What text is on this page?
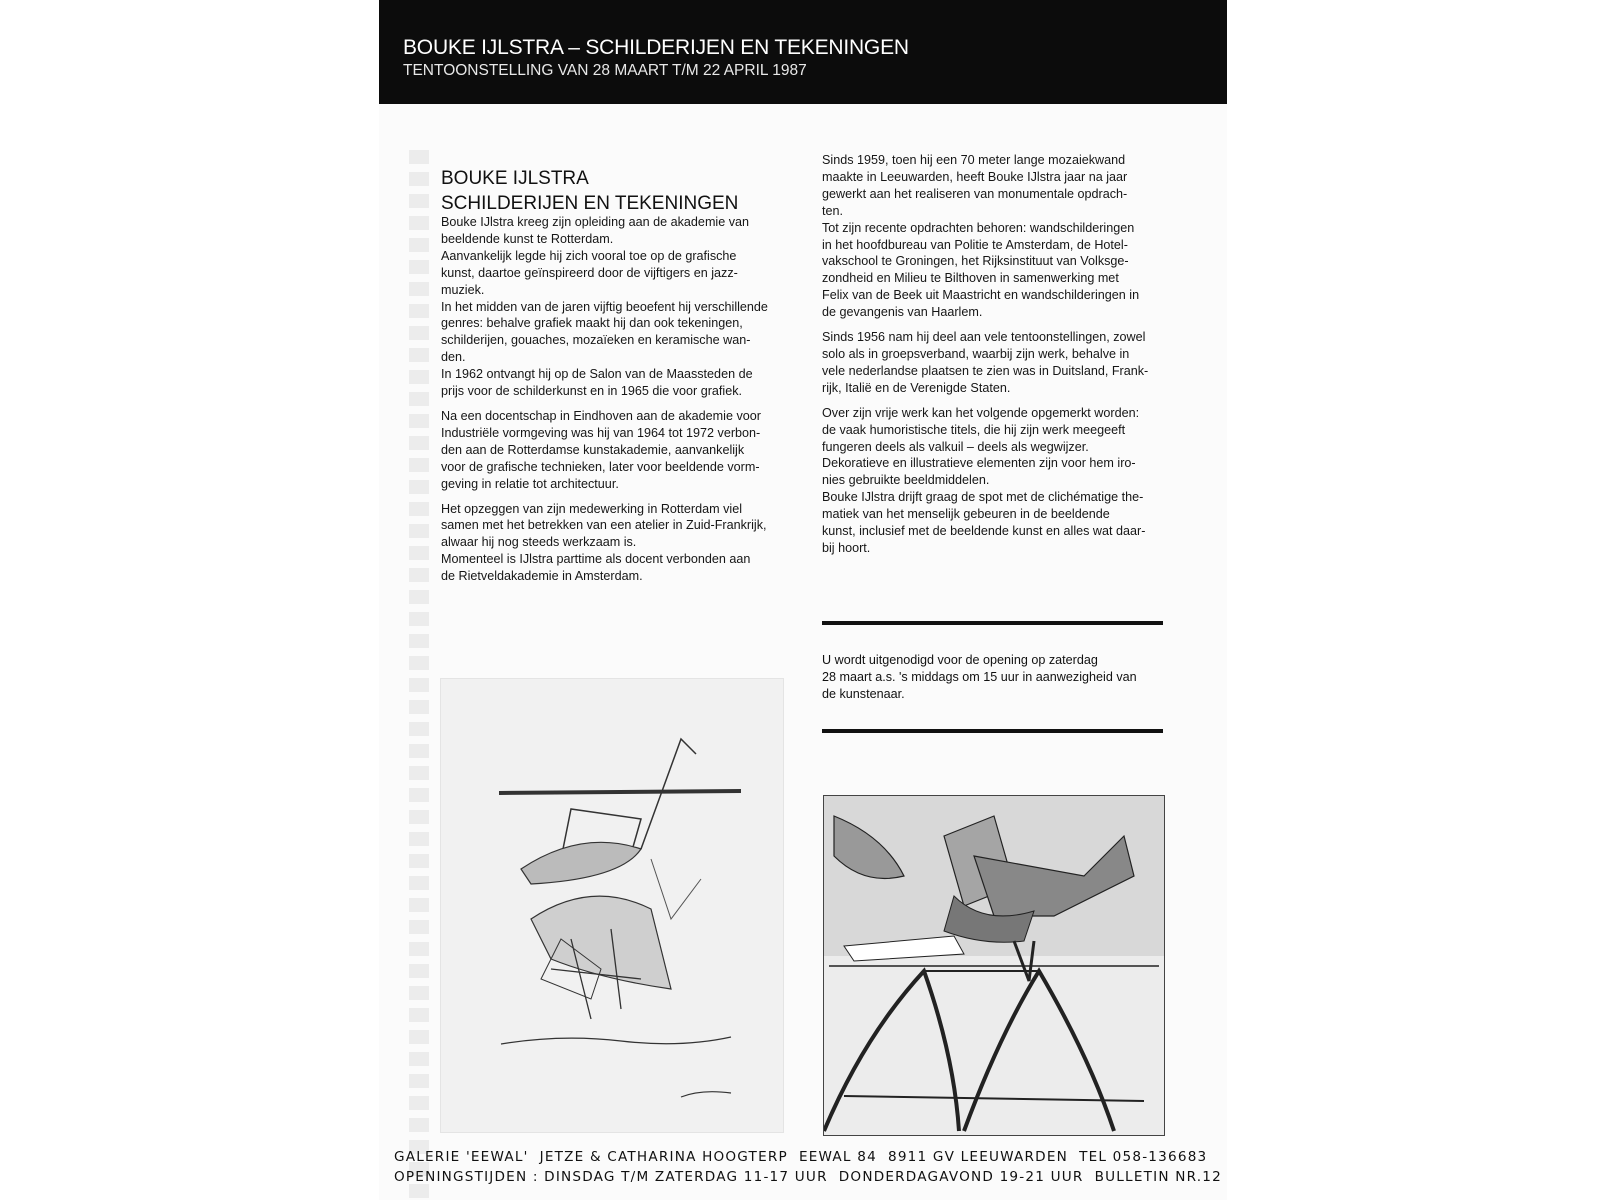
BOUKE IJLSTRA – SCHILDERIJEN EN TEKENINGEN
TENTOONSTELLING VAN 28 MAART T/M 22 APRIL 1987
BOUKE IJLSTRA
SCHILDERIJEN EN TEKENINGEN

Bouke IJlstra kreeg zijn opleiding aan de akademie van
beeldende kunst te Rotterdam.
Aanvankelijk legde hij zich vooral toe op de grafische
kunst, daartoe geïnspireerd door de vijftigers en jazz-
muziek.
In het midden van de jaren vijftig beoefent hij verschillende
genres: behalve grafiek maakt hij dan ook tekeningen,
schilderijen, gouaches, mozaïeken en keramische wan-
den.
In 1962 ontvangt hij op de Salon van de Maassteden de
prijs voor de schilderkunst en in 1965 die voor grafiek.

Na een docentschap in Eindhoven aan de akademie voor
Industriële vormgeving was hij van 1964 tot 1972 verbon-
den aan de Rotterdamse kunstakademie, aanvankelijk
voor de grafische technieken, later voor beeldende vorm-
geving in relatie tot architectuur.

Het opzeggen van zijn medewerking in Rotterdam viel
samen met het betrekken van een atelier in Zuid-Frankrijk,
alwaar hij nog steeds werkzaam is.
Momenteel is IJlstra parttime als docent verbonden aan
de Rietveldakademie in Amsterdam.

Sinds 1959, toen hij een 70 meter lange mozaiekwand
maakte in Leeuwarden, heeft Bouke IJlstra jaar na jaar
gewerkt aan het realiseren van monumentale opdrach-
ten.
Tot zijn recente opdrachten behoren: wandschilderingen
in het hoofdbureau van Politie te Amsterdam, de Hotel-
vakschool te Groningen, het Rijksinstituut van Volksge-
zondheid en Milieu te Bilthoven in samenwerking met
Felix van de Beek uit Maastricht en wandschilderingen in
de gevangenis van Haarlem.

Sinds 1956 nam hij deel aan vele tentoonstellingen, zowel
solo als in groepsverband, waarbij zijn werk, behalve in
vele nederlandse plaatsen te zien was in Duitsland, Frank-
rijk, Italië en de Verenigde Staten.

Over zijn vrije werk kan het volgende opgemerkt worden:
de vaak humoristische titels, die hij zijn werk meegeeft
fungeren deels als valkuil – deels als wegwijzer.
Dekoratieve en illustratieve elementen zijn voor hem iro-
nies gebruikte beeldmiddelen.
Bouke IJlstra drijft graag de spot met de clichématige the-
matiek van het menselijk gebeuren in de beeldende
kunst, inclusief met de beeldende kunst en alles wat daar-
bij hoort.

U wordt uitgenodigd voor de opening op zaterdag
28 maart a.s. 's middags om 15 uur in aanwezigheid van
de kunstenaar.
GALERIE 'EEWAL' JETZE & CATHARINA HOOGTERP EEWAL 84 8911 GV LEEUWARDEN TEL 058-136683
OPENINGSTIJDEN : DINSDAG T/M ZATERDAG 11-17 UUR DONDERDAGAVOND 19-21 UUR BULLETIN NR.12
